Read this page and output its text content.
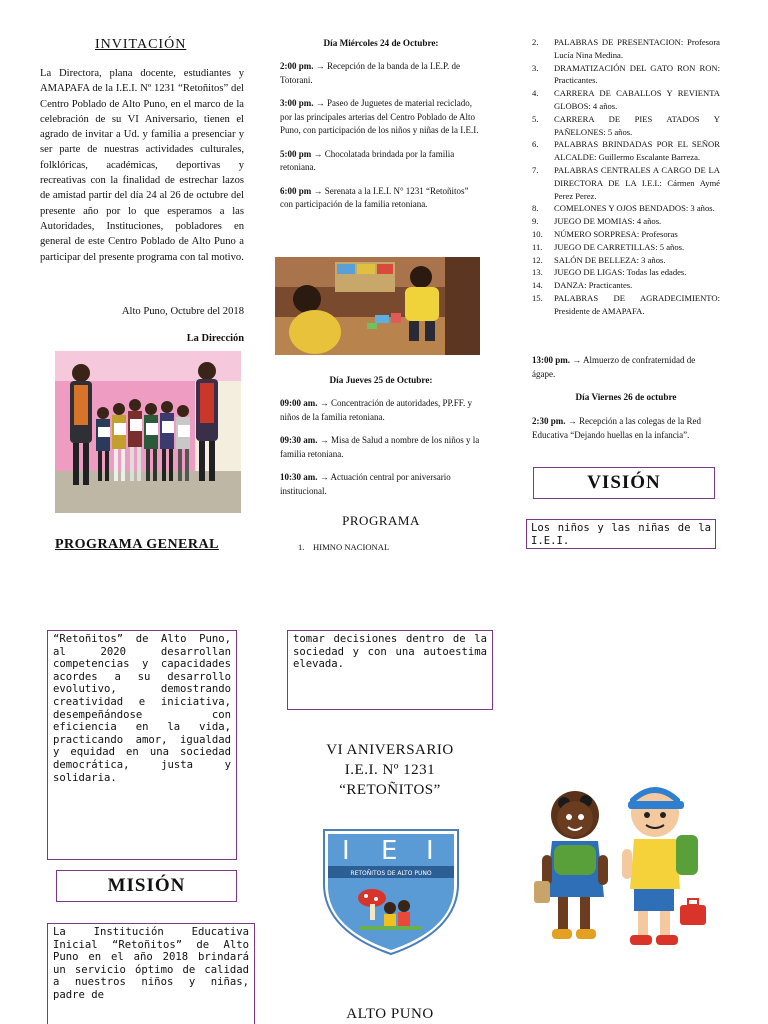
INVITACIÓN
La Directora, plana docente, estudiantes y AMAPAFA de la I.E.I. Nº 1231 “Retoñitos” del Centro Poblado de Alto Puno, en el marco de la celebración de su VI Aniversario, tienen el agrado de invitar a Ud. y familia a presenciar y ser parte de nuestras actividades culturales, folklóricas, académicas, deportivas y recreativas con la finalidad de estrechar lazos de amistad partir del día 24 al 26 de octubre del presente año por lo que esperamos a las Autoridades, Instituciones, pobladores en general de este Centro Poblado de Alto Puno a participar del presente programa con tal motivo.
Alto Puno, Octubre del 2018
La Dirección
PROGRAMA GENERAL
Día Miércoles 24 de Octubre:

2:00 pm. → Recepción de la banda de la I.E.P. de Totorani.

3:00 pm. → Paseo de Juguetes de material reciclado, por las principales arterias del Centro Poblado de Alto Puno, con participación de los niños y niñas de la I.E.I.

5:00 pm → Chocolatada brindada por la familia retoniana.

6:00 pm → Serenata a la I.E.I. N° 1231 “Retoñitos” con participación de la familia retoniana.

Día Jueves 25 de Octubre:

09:00 am. → Concentración de autoridades, PP.FF. y niños de la familia retoniana.

09:30 am. → Misa de Salud a nombre de los niños y la familia retoniana.

10:30 am. → Actuación central por aniversario institucional.

PROGRAMA
1. HIMNO NACIONAL
2.	PALABRAS DE PRESENTACION: Profesora Lucía Nina Medina.
3.	DRAMATIZACIÓN DEL GATO RON RON: Practicantes.
4.	CARRERA DE CABALLOS Y REVIENTA GLOBOS: 4 años.
5.	CARRERA DE PIES ATADOS Y PAÑELONES: 5 años.
6.	PALABRAS BRINDADAS POR EL SEÑOR ALCALDE: Guillermo Escalante Barreza.
7.	PALABRAS CENTRALES A CARGO DE LA DIRECTORA DE LA I.E.I.: Cármen Aymé Perez Perez.
8.	COMELONES Y OJOS BENDADOS: 3 años.
9.	JUEGO DE MOMIAS: 4 años.
10.	NÚMERO SORPRESA: Profesoras
11.	JUEGO DE CARRETILLAS: 5 años.
12.	SALÓN DE BELLEZA: 3 años.
13.	JUEGO DE LIGAS: Todas las edades.
14.	DANZA: Practicantes.
15.	PALABRAS DE AGRADECIMIENTO: Presidente de AMAPAFA.

13:00 pm. → Almuerzo de confraternidad de ágape.

Día Viernes 26 de octubre

2:30 pm. → Recepción a las colegas de la Red Educativa “Dejando huellas en la infancia”.

VISIÓN
Los niños y las niñas de la I.E.I.
“Retoñitos” de Alto Puno, al 2020 desarrollan competencias y capacidades acordes a su desarrollo evolutivo, demostrando creatividad e iniciativa, desempeñándose con eficiencia en la vida, practicando amor, igualdad y equidad en una sociedad democrática, justa y solidaria.
MISIÓN
La Institución Educativa Inicial “Retoñitos” de Alto Puno en el año 2018 brindará un servicio óptimo de calidad a nuestros niños y niñas, padre de
tomar decisiones dentro de la sociedad y con una autoestima elevada.
VI ANIVERSARIO
I.E.I. Nº 1231
“RETOÑITOS”
I E I
RETOÑITOS DE ALTO PUNO
ALTO PUNO
